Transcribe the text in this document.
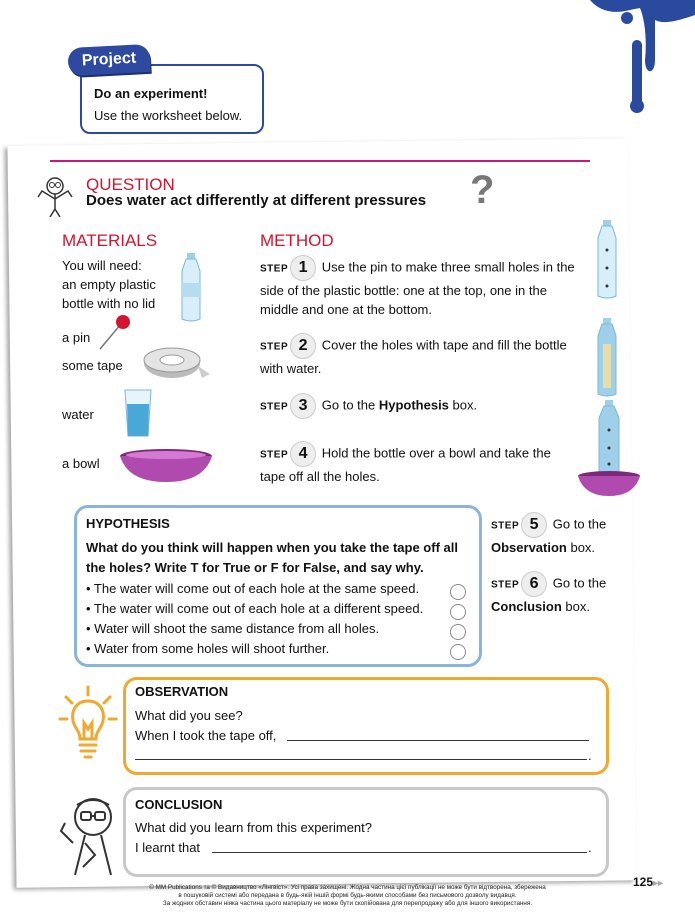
Do an experiment!
Use the worksheet below.
Project
QUESTION
Does water act differently at different pressures ?
MATERIALS
You will need:
an empty plastic
bottle with no lid
a pin
some tape
water
a bowl
METHOD
STEP 1 Use the pin to make three small holes in the
side of the plastic bottle: one at the top, one in the
middle and one at the bottom.
STEP 2 Cover the holes with tape and fill the bottle
with water.
STEP 3 Go to the Hypothesis box.
STEP 4 Hold the bottle over a bowl and take the
tape off all the holes.
HYPOTHESIS
What do you think will happen when you take the tape off all
the holes? Write T for True or F for False, and say why.
• The water will come out of each hole at the same speed.
• The water will come out of each hole at a different speed.
• Water will shoot the same distance from all holes.
• Water from some holes will shoot further.
STEP 5 Go to the
Observation box.
STEP 6 Go to the
Conclusion box.
OBSERVATION
What did you see?
When I took the tape off,
.
CONCLUSION
What did you learn from this experiment?
I learnt that	.
125▸▸
© MM Publications та © Видавництво «Лінгвіст». Усі права захищені. Жодна частина цієї публікації не може бути відтворена, збережена
в пошуковій системі або передана в будь-якій іншій формі будь-якими способами без письмового дозволу видавця.
За жодних обставин ніяка частина цього матеріалу не може бути скопійована для перепродажу або для іншого використання.
